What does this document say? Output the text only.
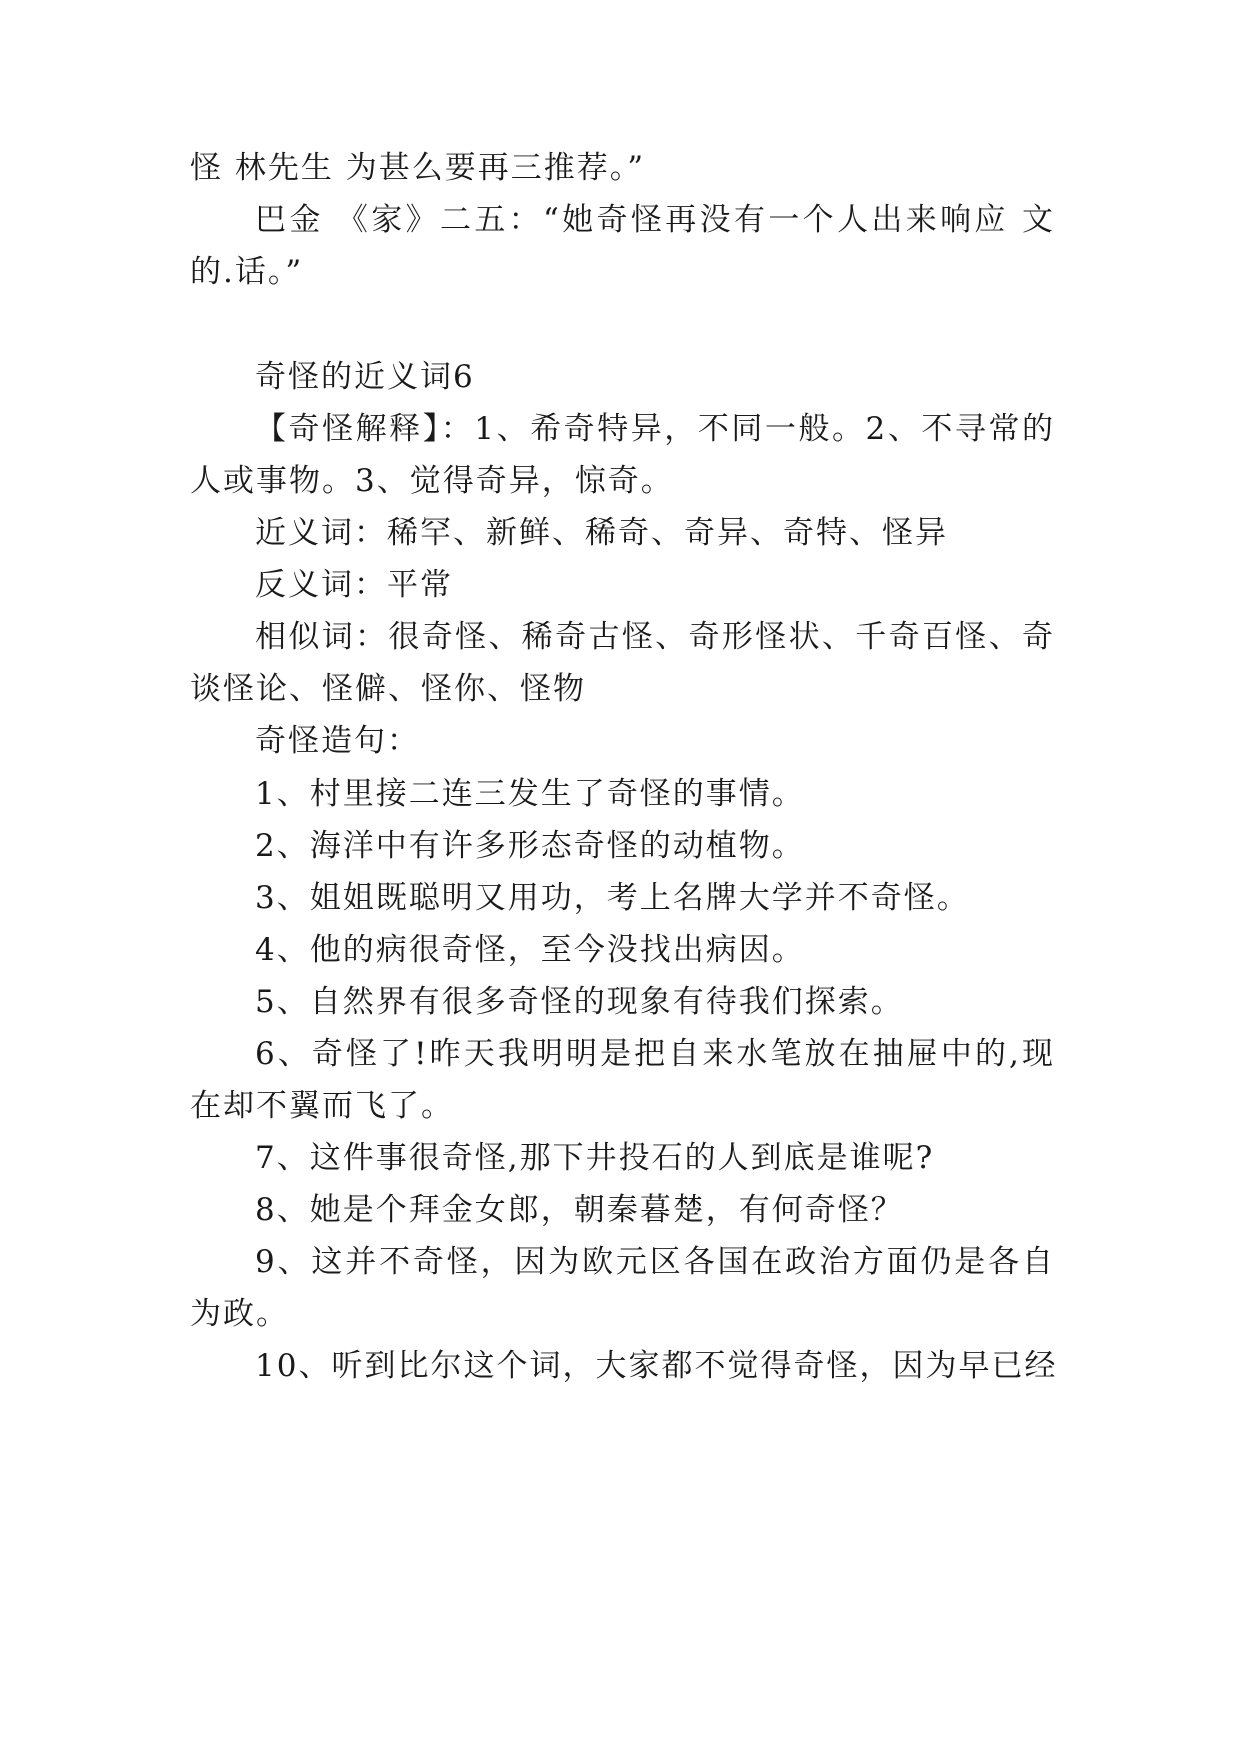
怪 林先生 为甚么要再三推荐。”
巴金 《家》二五：“她奇怪再没有一个人出来响应 文
的.话。”
奇怪的近义词6
【奇怪解释】：1、希奇特异，不同一般。2、不寻常的
人或事物。3、觉得奇异，惊奇。
近义词：稀罕、新鲜、稀奇、奇异、奇特、怪异
反义词：平常
相似词：很奇怪、稀奇古怪、奇形怪状、千奇百怪、奇
谈怪论、怪僻、怪你、怪物
奇怪造句：
1、村里接二连三发生了奇怪的事情。
2、海洋中有许多形态奇怪的动植物。
3、姐姐既聪明又用功，考上名牌大学并不奇怪。
4、他的病很奇怪，至今没找出病因。
5、自然界有很多奇怪的现象有待我们探索。
6、奇怪了!昨天我明明是把自来水笔放在抽屉中的,现
在却不翼而飞了。
7、这件事很奇怪,那下井投石的人到底是谁呢?
8、她是个拜金女郎，朝秦暮楚，有何奇怪？
9、这并不奇怪，因为欧元区各国在政治方面仍是各自
为政。
10、听到比尔这个词，大家都不觉得奇怪，因为早已经
